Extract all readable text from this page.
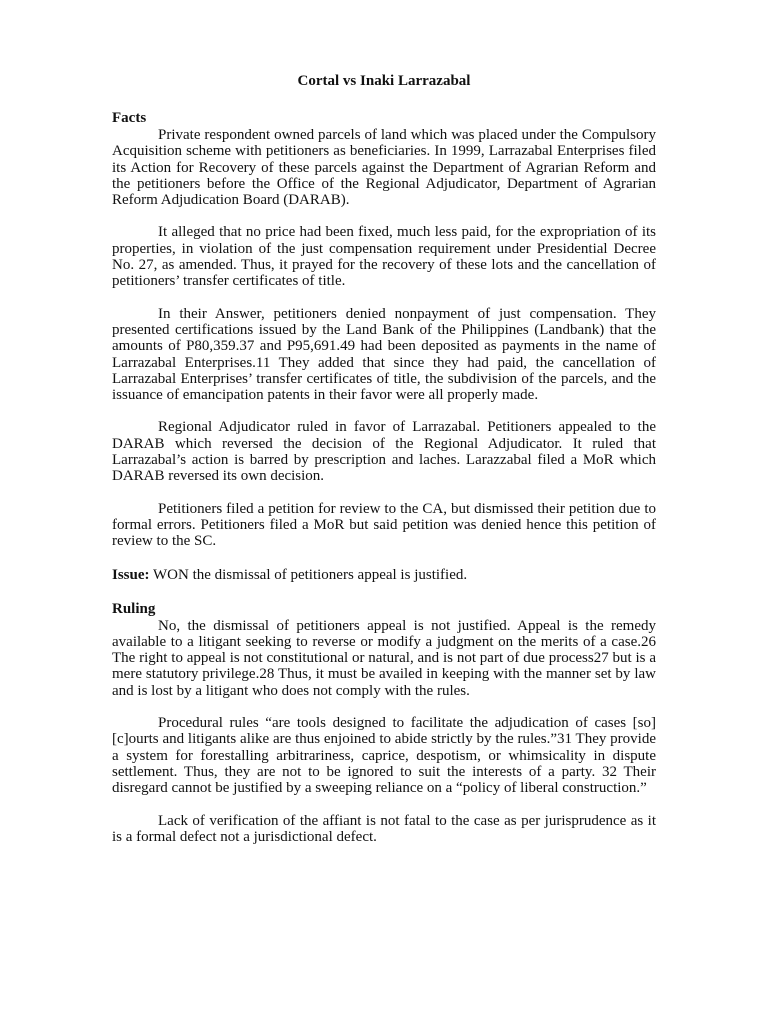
Cortal vs Inaki Larrazabal
Facts

Private respondent owned parcels of land which was placed under the Compulsory Acquisition scheme with petitioners as beneficiaries. In 1999, Larrazabal Enterprises filed its Action for Recovery of these parcels against the Department of Agrarian Reform and the petitioners before the Office of the Regional Adjudicator, Department of Agrarian Reform Adjudication Board (DARAB).

It alleged that no price had been fixed, much less paid, for the expropriation of its properties, in violation of the just compensation requirement under Presidential Decree No. 27, as amended. Thus, it prayed for the recovery of these lots and the cancellation of petitioners’ transfer certificates of title.

In their Answer, petitioners denied nonpayment of just compensation. They presented certifications issued by the Land Bank of the Philippines (Landbank) that the amounts of P80,359.37 and P95,691.49 had been deposited as payments in the name of Larrazabal Enterprises.11 They added that since they had paid, the cancellation of Larrazabal Enterprises’ transfer certificates of title, the subdivision of the parcels, and the issuance of emancipation patents in their favor were all properly made.

Regional Adjudicator ruled in favor of Larrazabal. Petitioners appealed to the DARAB which reversed the decision of the Regional Adjudicator. It ruled that Larrazabal’s action is barred by prescription and laches. Larazzabal filed a MoR which DARAB reversed its own decision.

Petitioners filed a petition for review to the CA, but dismissed their petition due to formal errors. Petitioners filed a MoR but said petition was denied hence this petition of review to the SC.

Issue: WON the dismissal of petitioners appeal is justified.
Ruling

No, the dismissal of petitioners appeal is not justified. Appeal is the remedy available to a litigant seeking to reverse or modify a judgment on the merits of a case.26 The right to appeal is not constitutional or natural, and is not part of due process27 but is a mere statutory privilege.28 Thus, it must be availed in keeping with the manner set by law and is lost by a litigant who does not comply with the rules.

Procedural rules “are tools designed to facilitate the adjudication of cases [so] [c]ourts and litigants alike are thus enjoined to abide strictly by the rules.”31 They provide a system for forestalling arbitrariness, caprice, despotism, or whimsicality in dispute settlement. Thus, they are not to be ignored to suit the interests of a party. 32 Their disregard cannot be justified by a sweeping reliance on a “policy of liberal construction.”

Lack of verification of the affiant is not fatal to the case as per jurisprudence as it is a formal defect not a jurisdictional defect.
